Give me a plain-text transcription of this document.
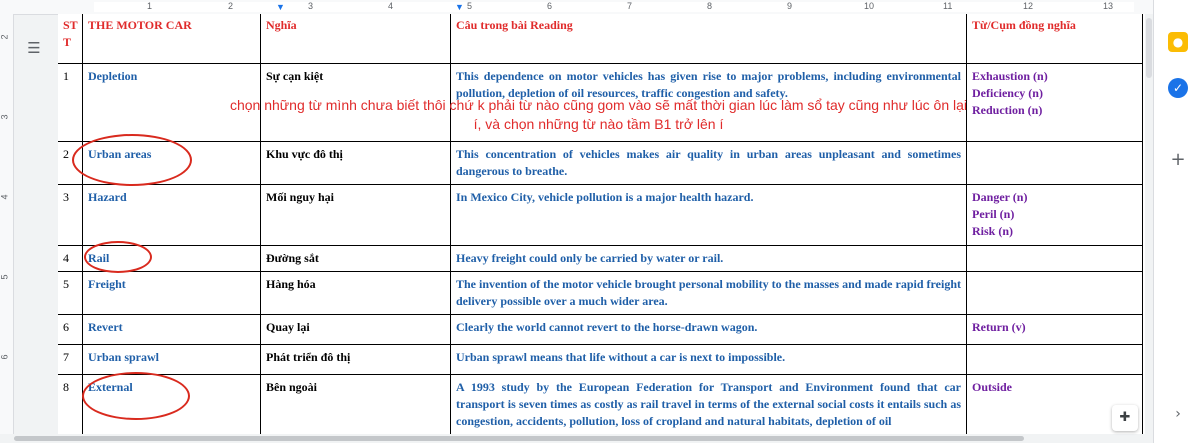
1	2	3	4	5	6	7	8	9	10	11	12	13
▼	▼
2
3
4
5
6
☰
ST
T	THE MOTOR CAR	Nghĩa	Câu trong bài Reading	Từ/Cụm đồng nghĩa
1	Depletion	Sự cạn kiệt	This dependence on motor vehicles has given rise to major problems, including environmental pollution, depletion of oil resources, traffic congestion and safety.	Exhaustion (n)
Deficiency (n)
Reduction (n)
2	Urban areas	Khu vực đô thị	This concentration of vehicles makes air quality in urban areas unpleasant and sometimes dangerous to breathe.	
3	Hazard	Mối nguy hại	In Mexico City, vehicle pollution is a major health hazard.	Danger (n)
Peril (n)
Risk (n)
4	Rail	Đường sắt	Heavy freight could only be carried by water or rail.	
5	Freight	Hàng hóa	The invention of the motor vehicle brought personal mobility to the masses and made rapid freight delivery possible over a much wider area.	
6	Revert	Quay lại	Clearly the world cannot revert to the horse-drawn wagon.	Return (v)
7	Urban sprawl	Phát triển đô thị	Urban sprawl means that life without a car is next to impossible.	
8	External	Bên ngoài	A 1993 study by the European Federation for Transport and Environment found that car transport is seven times as costly as rail travel in terms of the external social costs it entails such as congestion, accidents, pollution, loss of cropland and natural habitats, depletion of oil	Outside
chọn những từ mình chưa biết thôi chứ k phải từ nào cũng gom vào sẽ mất thời gian lúc làm sổ tay cũng như lúc ôn lại
í, và chọn những từ nào tầm B1 trở lên í
✚
●
✓
+
›
